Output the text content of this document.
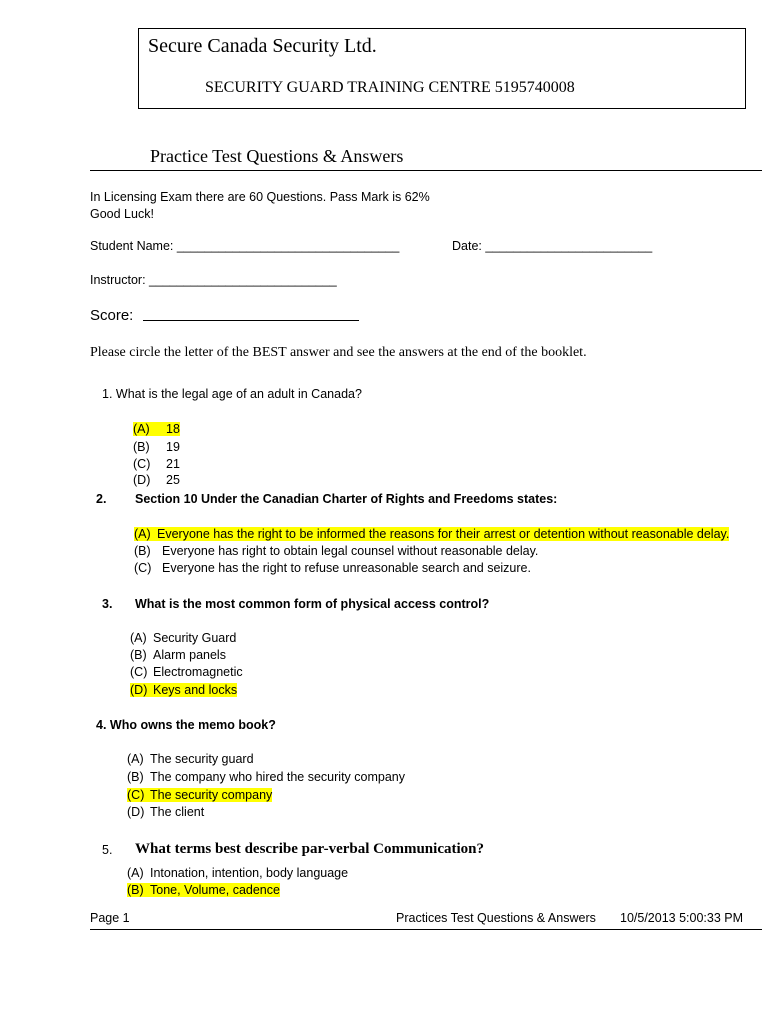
Secure Canada Security Ltd.
SECURITY GUARD TRAINING CENTRE 5195740008
Practice Test Questions & Answers
In Licensing Exam there are 60 Questions. Pass Mark is 62%
Good Luck!
Student Name: ________________________________	Date: ________________________
Instructor: ___________________________
Score:
Please circle the letter of the BEST answer and see the answers at the end of the booklet.
1. What is the legal age of an adult in Canada?
(A) 18
(B) 19
(C) 21
(D) 25
2. Section 10 Under the Canadian Charter of Rights and Freedoms states:
(A) Everyone has the right to be informed the reasons for their arrest or detention without reasonable delay.
(B) Everyone has right to obtain legal counsel without reasonable delay.
(C) Everyone has the right to refuse unreasonable search and seizure.
3. What is the most common form of physical access control?
(A) Security Guard
(B) Alarm panels
(C) Electromagnetic
(D) Keys and locks
4. Who owns the memo book?
(A) The security guard
(B) The company who hired the security company
(C) The security company
(D) The client
5. What terms best describe par-verbal Communication?
(A) Intonation, intention, body language
(B) Tone, Volume, cadence
Page 1	Practices Test Questions & Answers 10/5/2013 5:00:33 PM
